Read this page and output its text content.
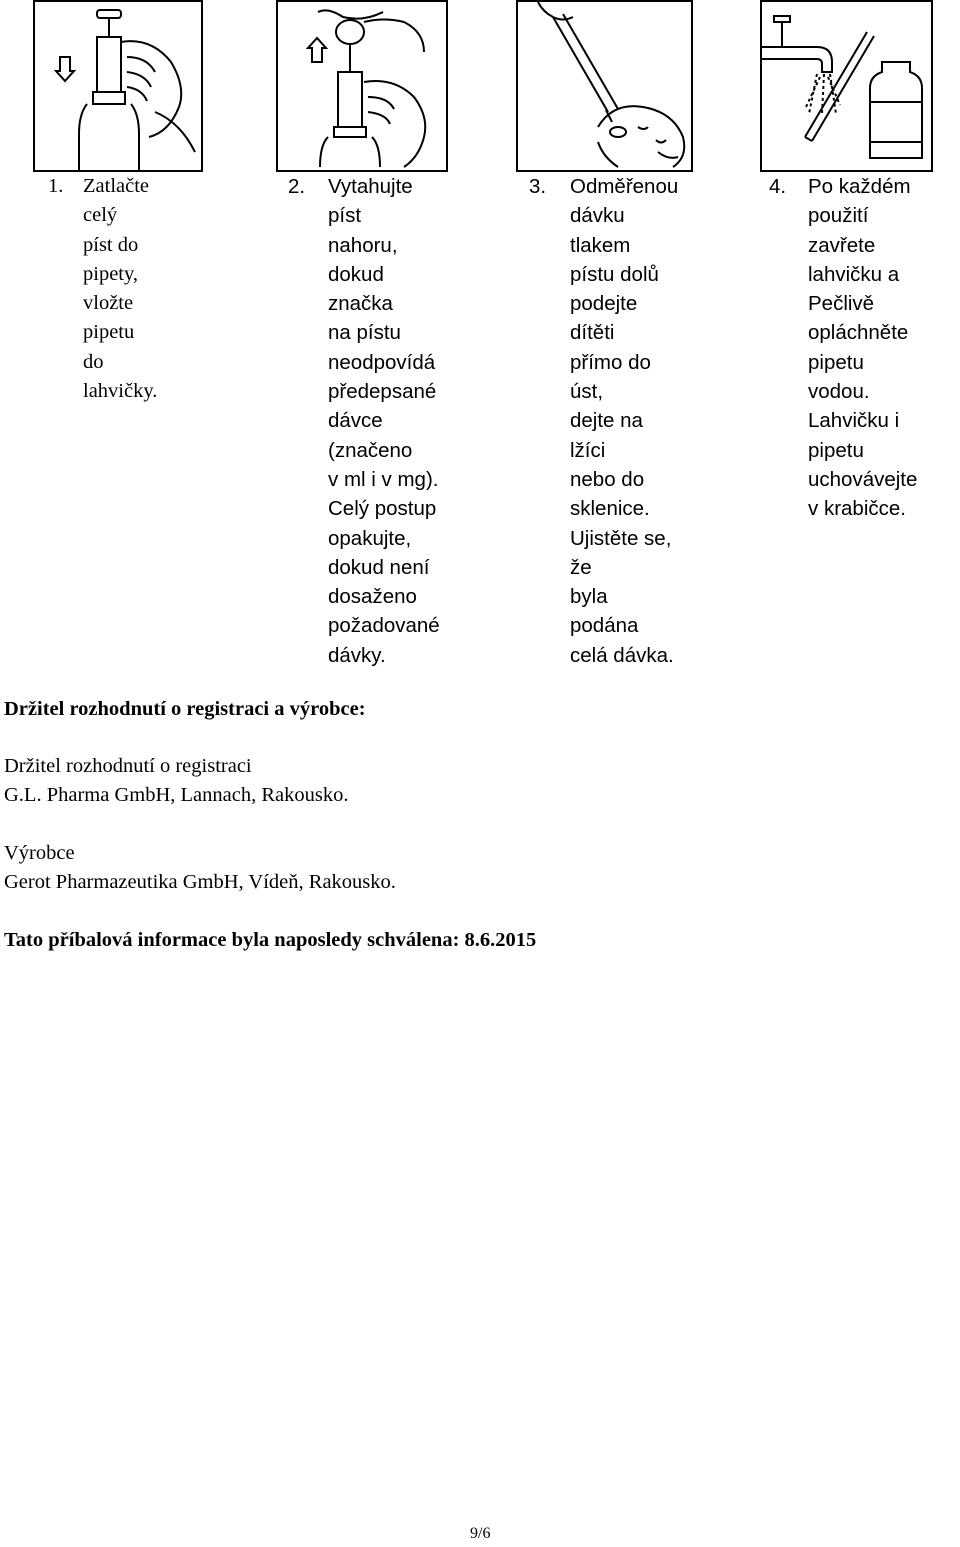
1. Zatlačte celý
píst do
pipety, vložte
pipetu do
lahvičky.
2. Vytahujte píst
nahoru,
dokud značka
na pístu
neodpovídá
předepsané
dávce
(značeno
v ml i v mg).
Celý postup
opakujte,
dokud není
dosaženo
požadované
dávky.
3. Odměřenou
dávku tlakem
pístu dolů
podejte dítěti
přímo do úst,
dejte na lžíci
nebo do
sklenice.
Ujistěte se, že
byla podána
celá dávka.
4. Po každém
použití zavřete
lahvičku a
Pečlivě
opláchněte
pipetu vodou.
Lahvičku i
pipetu
uchovávejte
v krabičce.
Držitel rozhodnutí o registraci a výrobce:
Držitel rozhodnutí o registraci
G.L. Pharma GmbH, Lannach, Rakousko.
Výrobce
Gerot Pharmazeutika GmbH, Vídeň, Rakousko.
Tato příbalová informace byla naposledy schválena: 8.6.2015
9/6
